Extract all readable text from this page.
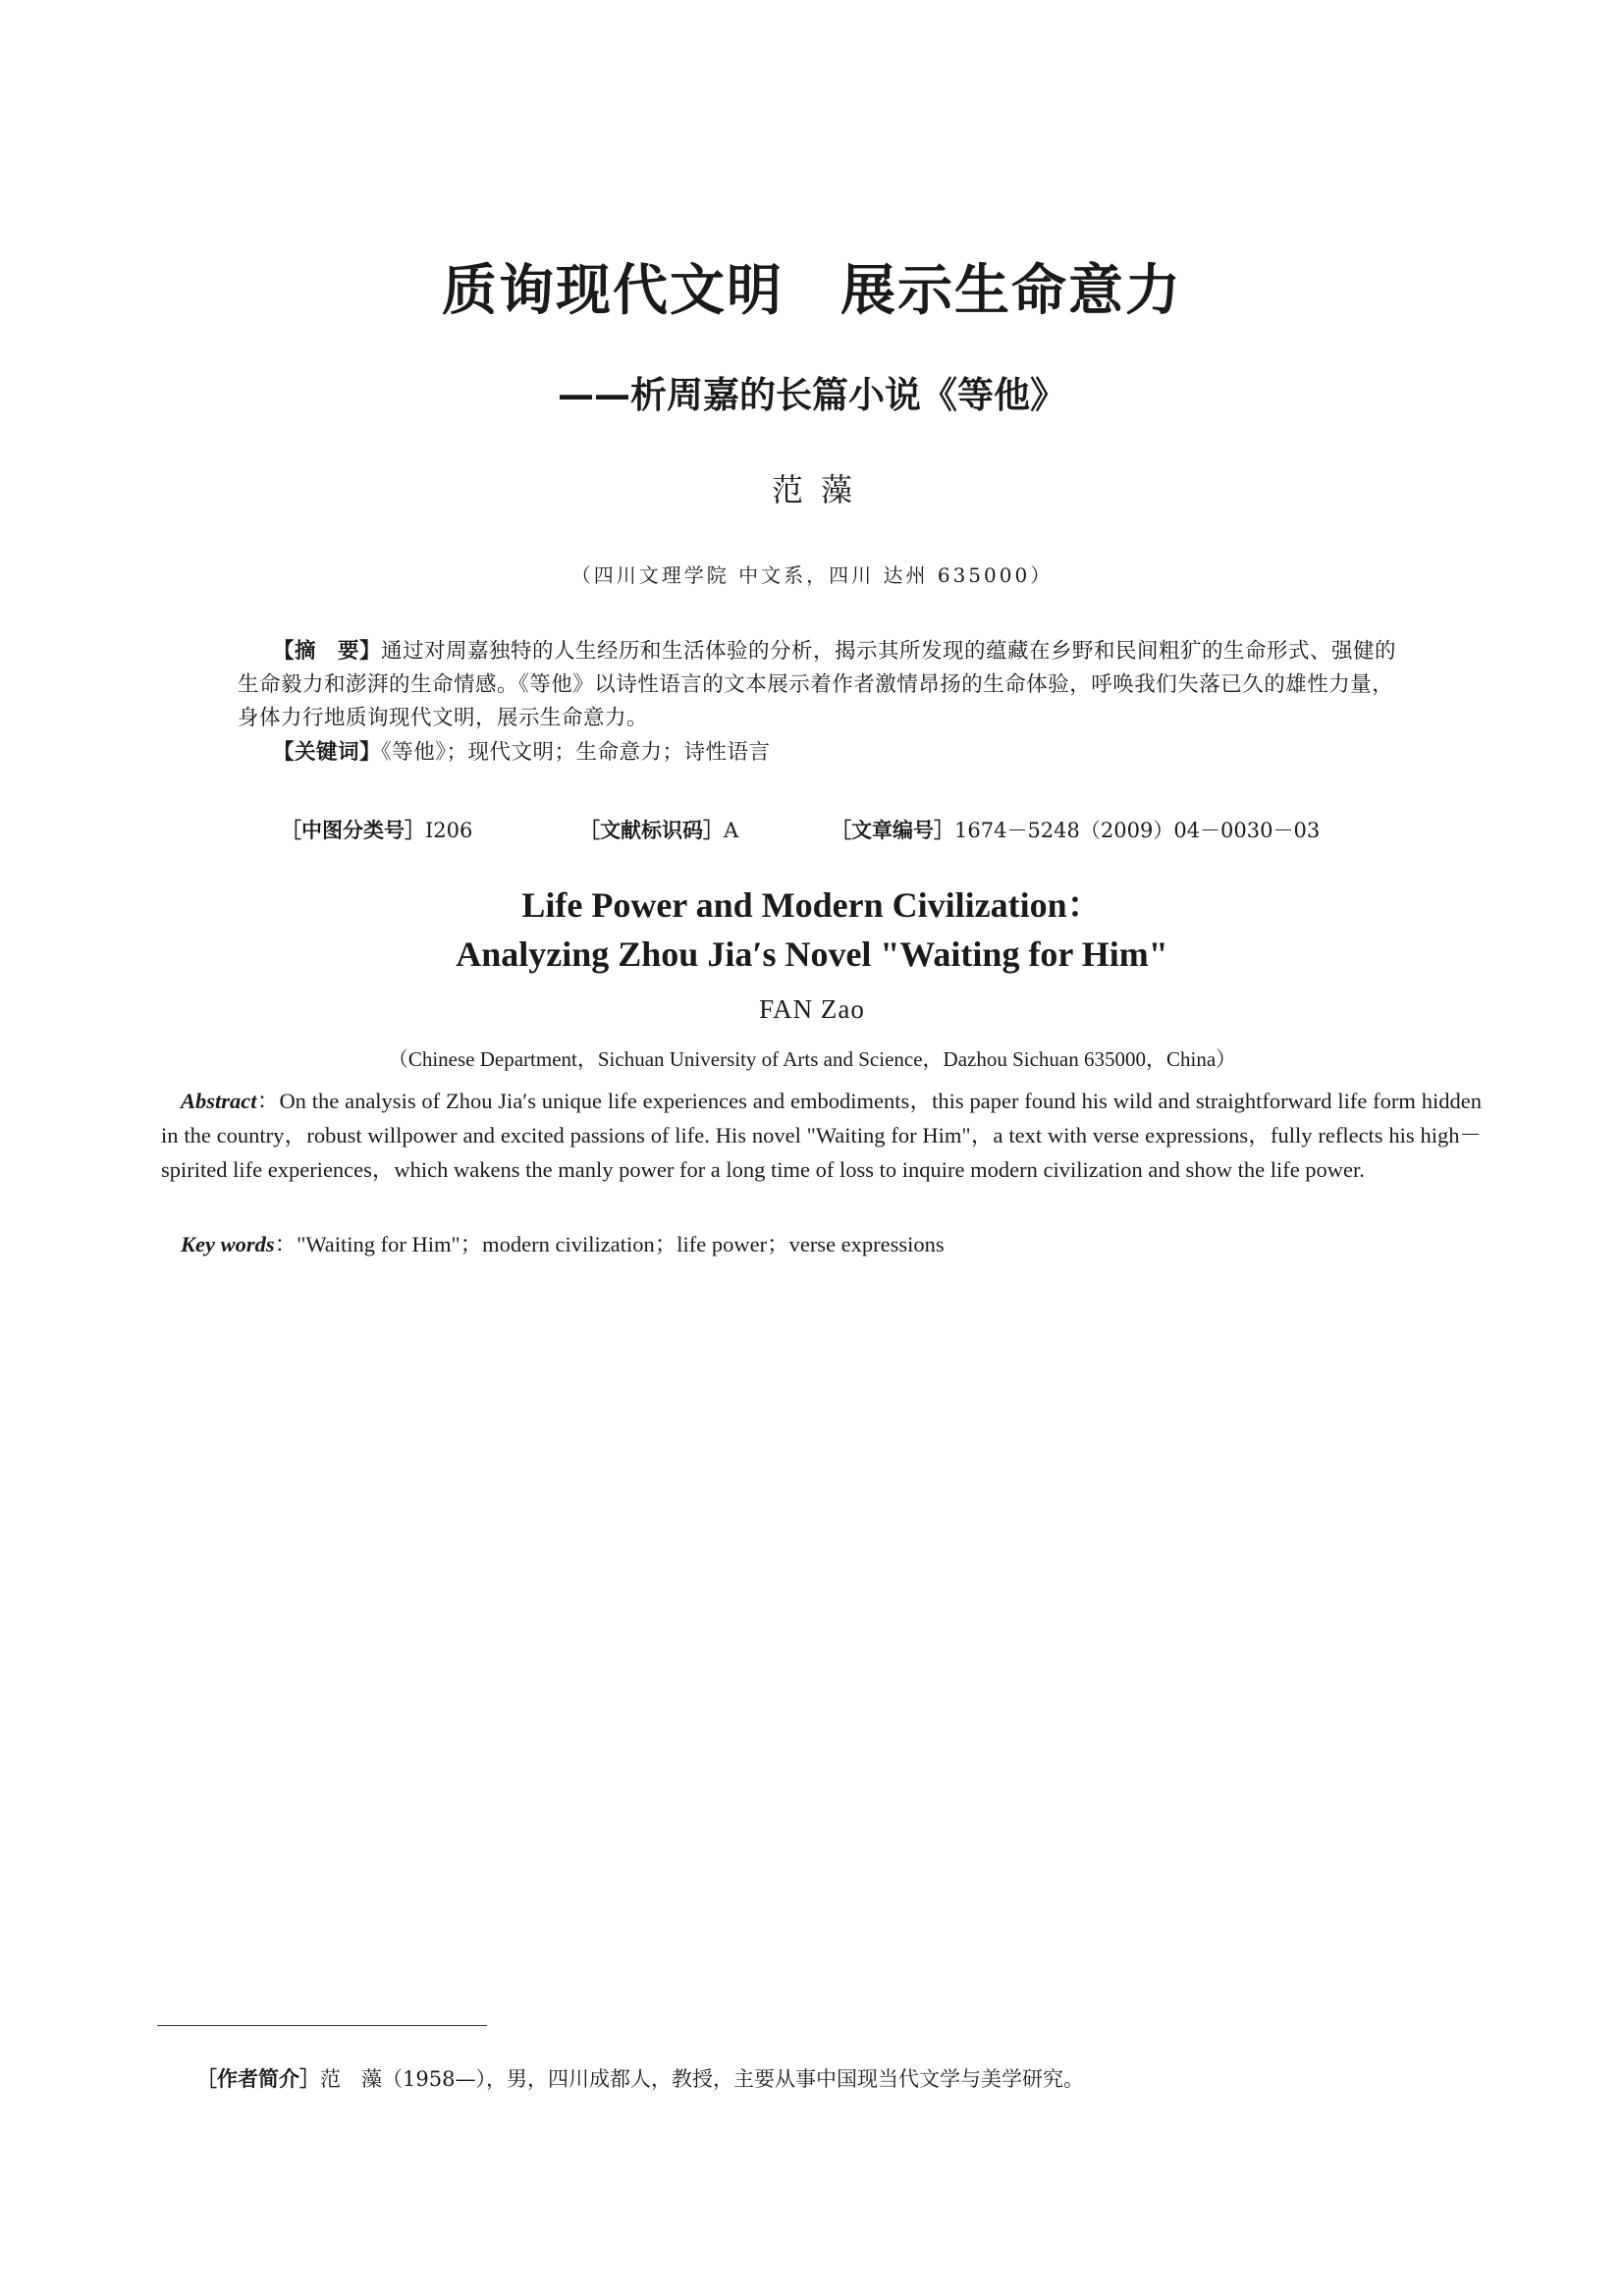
质询现代文明　展示生命意力
——析周嘉的长篇小说《等他》
范藻
（四川文理学院 中文系，四川 达州 635000）
【摘　要】通过对周嘉独特的人生经历和生活体验的分析，揭示其所发现的蕴藏在乡野和民间粗犷的生命形式、强健的生命毅力和澎湃的生命情感。《等他》以诗性语言的文本展示着作者激情昂扬的生命体验，呼唤我们失落已久的雄性力量，身体力行地质询现代文明，展示生命意力。
【关键词】《等他》；现代文明；生命意力；诗性语言
［中图分类号］I206	［文献标识码］A	［文章编号］1674－5248（2009）04－0030－03
Life Power and Modern Civilization：
Analyzing Zhou Jia′s Novel "Waiting for Him"
FAN Zao
（Chinese Department，Sichuan University of Arts and Science，Dazhou Sichuan 635000，China）
Abstract：On the analysis of Zhou Jia′s unique life experiences and embodiments，this paper found his wild and straightforward life form hidden in the country，robust willpower and excited passions of life. His novel "Waiting for Him"，a text with verse expressions，fully reflects his high－spirited life experiences，which wakens the manly power for a long time of loss to inquire modern civilization and show the life power.
Key words："Waiting for Him"；modern civilization；life power；verse expressions
［作者简介］范　藻（1958—），男，四川成都人，教授，主要从事中国现当代文学与美学研究。
